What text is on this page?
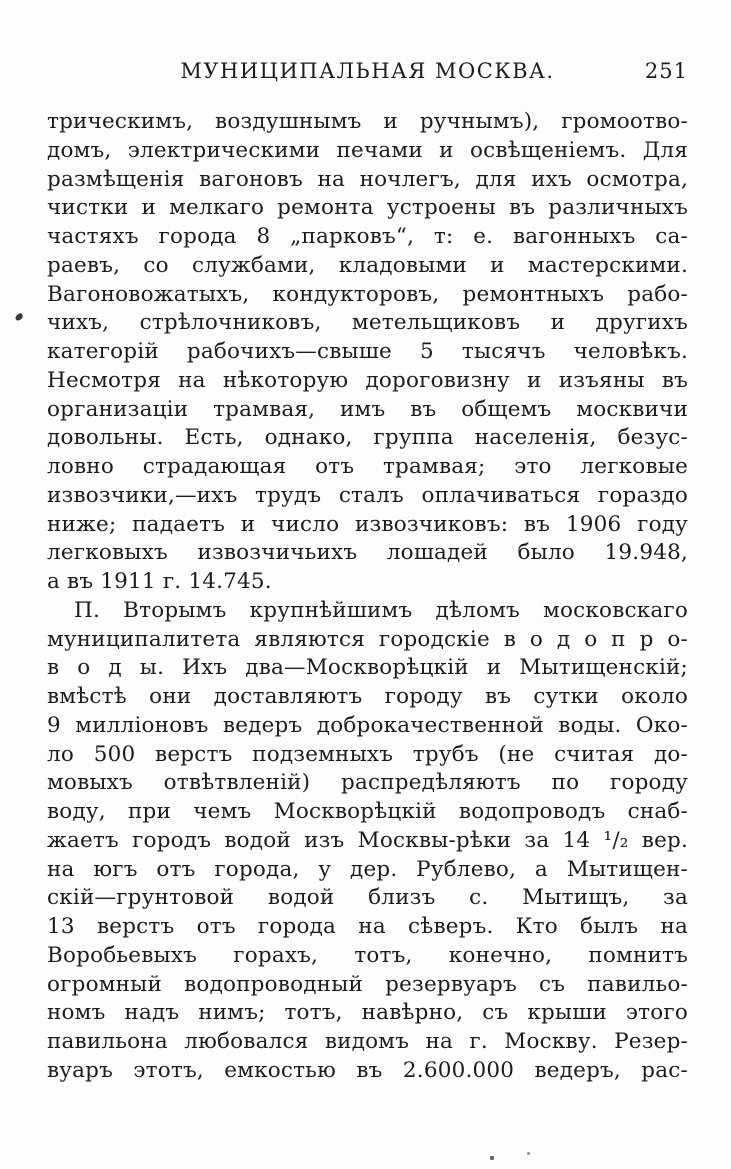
МУНИЦИПАЛЬНАЯ МОСКВА.	251
трическимъ, воздушнымъ и ручнымъ), громоотво-
домъ, электрическими печами и освѣщеніемъ. Для
размѣщенія вагоновъ на ночлегъ, для ихъ осмотра,
чистки и мелкаго ремонта устроены въ различныхъ
частяхъ города 8 „парковъ“, т: е. вагонныхъ са-
раевъ, со службами, кладовыми и мастерскими.
Вагоновожатыхъ, кондукторовъ, ремонтныхъ рабо-
чихъ, стрѣлочниковъ, метельщиковъ и другихъ
категорій рабочихъ—свыше 5 тысячъ человѣкъ.
Несмотря на нѣкоторую дороговизну и изъяны въ
организаціи трамвая, имъ въ общемъ москвичи
довольны. Есть, однако, группа населенія, безус-
ловно страдающая отъ трамвая; это легковые
извозчики,—ихъ трудъ сталъ оплачиваться гораздо
ниже; падаетъ и число извозчиковъ: въ 1906 году
легковыхъ извозчичьихъ лошадей было 19.948,
а въ 1911 г. 14.745.
П. Вторымъ крупнѣйшимъ дѣломъ московскаго
муниципалитета являются городскіе в о д о п р о-
в о д ы. Ихъ два—Москворѣцкій и Мытищенскій;
вмѣстѣ они доставляютъ городу въ сутки около
9 милліоновъ ведеръ доброкачественной воды. Око-
ло 500 верстъ подземныхъ трубъ (не считая до-
мовыхъ отвѣтвленій) распредѣляютъ по городу
воду, при чемъ Москворѣцкій водопроводъ снаб-
жаетъ городъ водой изъ Москвы-рѣки за 14 ¹/₂ вер.
на югъ отъ города, у дер. Рублево, а Мытищен-
скій—грунтовой водой близъ с. Мытищъ, за
13 верстъ отъ города на сѣверъ. Кто былъ на
Воробьевыхъ горахъ, тотъ, конечно, помнитъ
огромный водопроводный резервуаръ съ павильо-
номъ надъ нимъ; тотъ, навѣрно, съ крыши этого
павильона любовался видомъ на г. Москву. Резер-
вуаръ этотъ, емкостью въ 2.600.000 ведеръ, рас-
